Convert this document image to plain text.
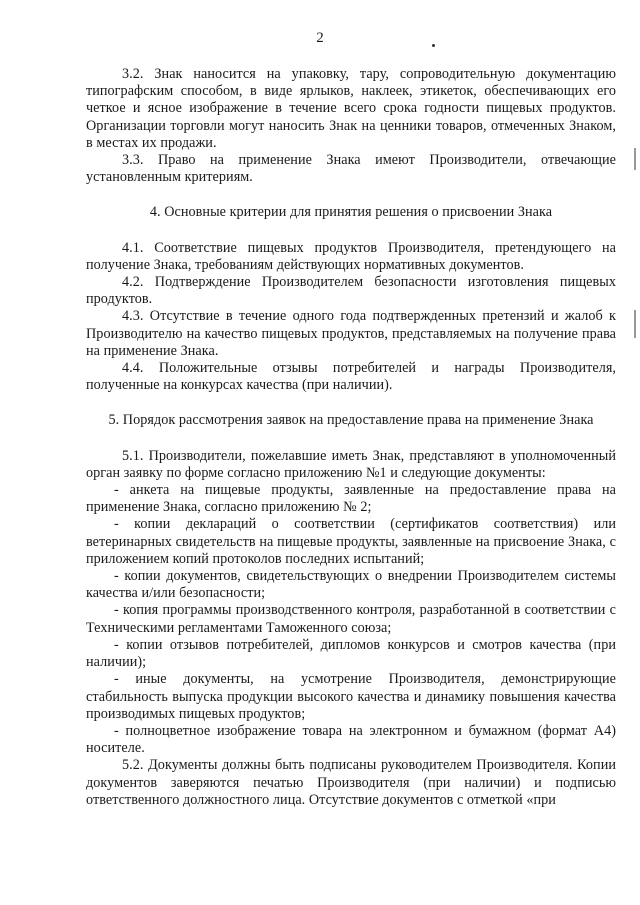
2

3.2. Знак наносится на упаковку, тару, сопроводительную документацию типографским способом, в виде ярлыков, наклеек, этикеток, обеспечивающих его четкое и ясное изображение в течение всего срока годности пищевых продуктов. Организации торговли могут наносить Знак на ценники товаров, отмеченных Знаком, в местах их продажи.

3.3. Право на применение Знака имеют Производители, отвечающие установленным критериям.

4. Основные критерии для принятия решения о присвоении Знака

4.1. Соответствие пищевых продуктов Производителя, претендующего на получение Знака, требованиям действующих нормативных документов.

4.2. Подтверждение Производителем безопасности изготовления пищевых продуктов.

4.3. Отсутствие в течение одного года подтвержденных претензий и жалоб к Производителю на качество пищевых продуктов, представляемых на получение права на применение Знака.

4.4. Положительные отзывы потребителей и награды Производителя, полученные на конкурсах качества (при наличии).

5. Порядок рассмотрения заявок на предоставление права на применение Знака

5.1. Производители, пожелавшие иметь Знак, представляют в уполномоченный орган заявку по форме согласно приложению №1 и следующие документы:

- анкета на пищевые продукты, заявленные на предоставление права на применение Знака, согласно приложению № 2;

- копии деклараций о соответствии (сертификатов соответствия) или ветеринарных свидетельств на пищевые продукты, заявленные на присвоение Знака, с приложением копий протоколов последних испытаний;

- копии документов, свидетельствующих о внедрении Производителем системы качества и/или безопасности;

- копия программы производственного контроля, разработанной в соответствии с Техническими регламентами Таможенного союза;

- копии отзывов потребителей, дипломов конкурсов и смотров качества (при наличии);

- иные документы, на усмотрение Производителя, демонстрирующие стабильность выпуска продукции высокого качества и динамику повышения качества производимых пищевых продуктов;

- полноцветное изображение товара на электронном и бумажном (формат А4) носителе.

5.2. Документы должны быть подписаны руководителем Производителя. Копии документов заверяются печатью Производителя (при наличии) и подписью ответственного должностного лица. Отсутствие документов с отметкой «при
